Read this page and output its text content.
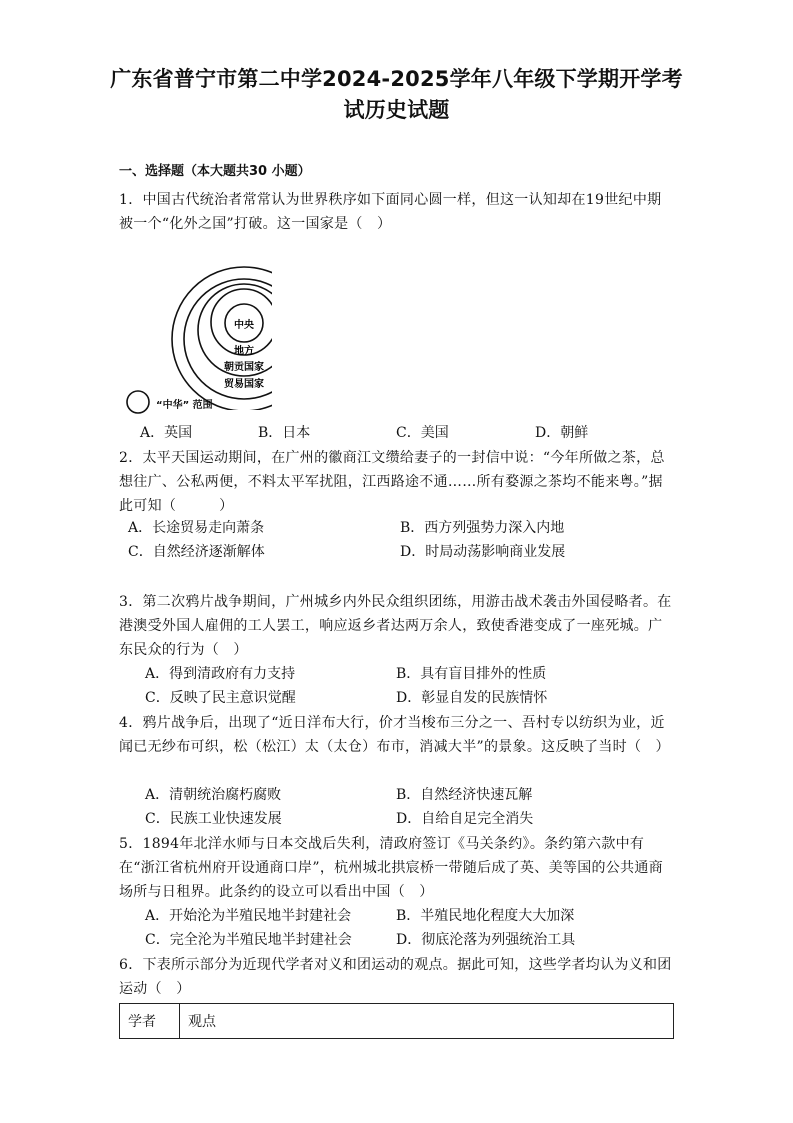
广东省普宁市第二中学2024-2025学年八年级下学期开学考试历史试题
一、选择题（本大题共30 小题）
1．中国古代统治者常常认为世界秩序如下面同心圆一样，但这一认知却在19世纪中期被一个“化外之国”打破。这一国家是（　）
中央
地方
朝贡国家
贸易国家
“中华” 范围
A．英国	B．日本	C．美国	D．朝鲜
2．太平天国运动期间，在广州的徽商江文缵给妻子的一封信中说：“今年所做之茶，总想往广、公私两便，不料太平军扰阻，江西路途不通……所有婺源之茶均不能来粤。”据此可知（　　　）
A．长途贸易走向萧条	B．西方列强势力深入内地
C．自然经济逐渐解体	D．时局动荡影响商业发展
3．第二次鸦片战争期间，广州城乡内外民众组织团练，用游击战术袭击外国侵略者。在港澳受外国人雇佣的工人罢工，响应返乡者达两万余人，致使香港变成了一座死城。广东民众的行为（　）
A．得到清政府有力支持	B．具有盲目排外的性质
C．反映了民主意识觉醒	D．彰显自发的民族情怀
4．鸦片战争后，出现了“近日洋布大行，价才当梭布三分之一、吾村专以纺织为业，近闻已无纱布可织，松（松江）太（太仓）布市，消减大半”的景象。这反映了当时（　）
A．清朝统治腐朽腐败	B．自然经济快速瓦解
C．民族工业快速发展	D．自给自足完全消失
5．1894年北洋水师与日本交战后失利，清政府签订《马关条约》。条约第六款中有在“浙江省杭州府开设通商口岸”，杭州城北拱宸桥一带随后成了英、美等国的公共通商场所与日租界。此条约的设立可以看出中国（　）
A．开始沦为半殖民地半封建社会	B．半殖民地化程度大大加深
C．完全沦为半殖民地半封建社会	D．彻底沦落为列强统治工具
6．下表所示部分为近现代学者对义和团运动的观点。据此可知，这些学者均认为义和团运动（　）
学者	观点
